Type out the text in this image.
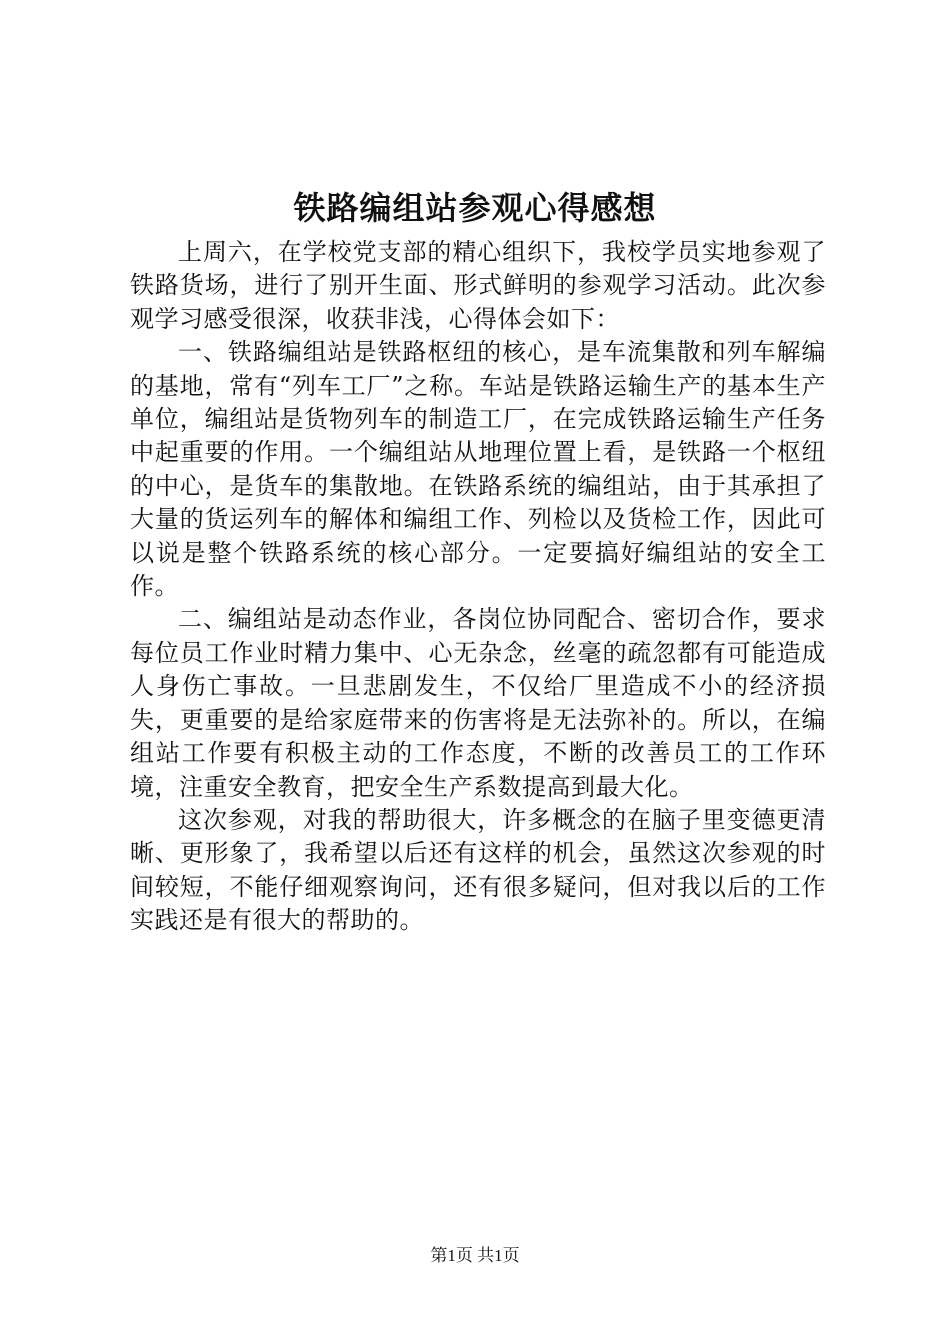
铁路编组站参观心得感想

上周六，在学校党支部的精心组织下，我校学员实地参观了铁路货场，进行了别开生面、形式鲜明的参观学习活动。此次参观学习感受很深，收获非浅，心得体会如下：

一、铁路编组站是铁路枢纽的核心，是车流集散和列车解编的基地，常有“列车工厂”之称。车站是铁路运输生产的基本生产单位，编组站是货物列车的制造工厂，在完成铁路运输生产任务中起重要的作用。一个编组站从地理位置上看，是铁路一个枢纽的中心，是货车的集散地。在铁路系统的编组站，由于其承担了大量的货运列车的解体和编组工作、列检以及货检工作，因此可以说是整个铁路系统的核心部分。一定要搞好编组站的安全工作。

二、编组站是动态作业，各岗位协同配合、密切合作，要求每位员工作业时精力集中、心无杂念，丝毫的疏忽都有可能造成人身伤亡事故。一旦悲剧发生，不仅给厂里造成不小的经济损失，更重要的是给家庭带来的伤害将是无法弥补的。所以，在编组站工作要有积极主动的工作态度，不断的改善员工的工作环境，注重安全教育，把安全生产系数提高到最大化。

这次参观，对我的帮助很大，许多概念的在脑子里变德更清晰、更形象了，我希望以后还有这样的机会，虽然这次参观的时间较短，不能仔细观察询问，还有很多疑问，但对我以后的工作实践还是有很大的帮助的。

第1页 共1页
